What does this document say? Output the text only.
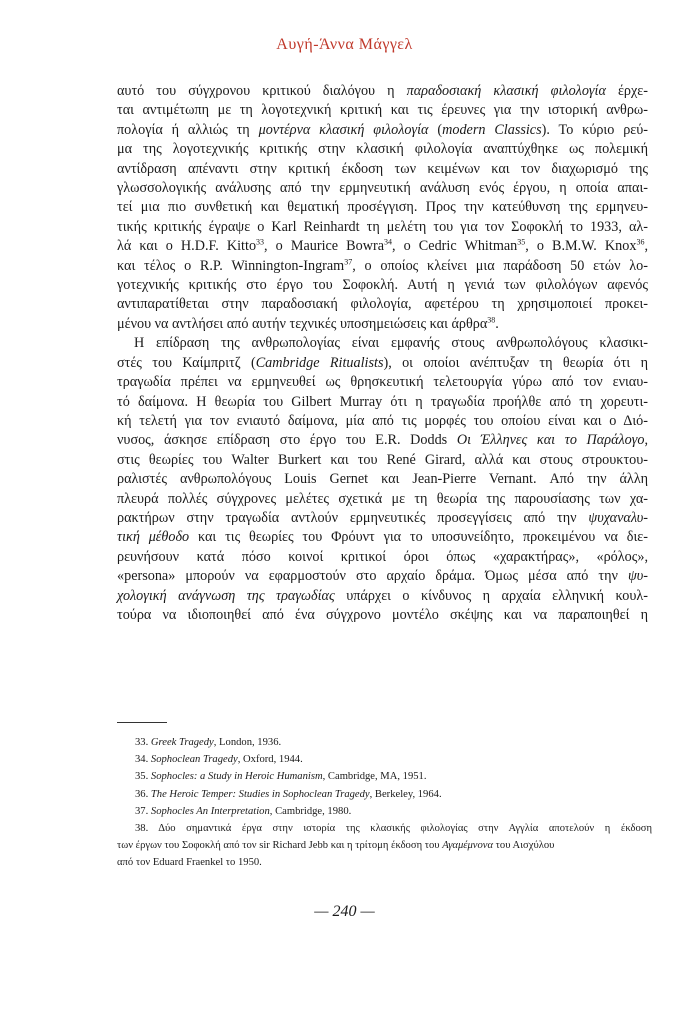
Αυγή-Άννα Μάγγελ

αυτό του σύγχρονου κριτικού διαλόγου η παραδοσιακή κλασική φιλολογία έρχε-
ται αντιμέτωπη με τη λογοτεχνική κριτική και τις έρευνες για την ιστορική ανθρω-
πολογία ή αλλιώς τη μοντέρνα κλασική φιλολογία (modern Classics). Το κύριο ρεύ-
μα της λογοτεχνικής κριτικής στην κλασική φιλολογία αναπτύχθηκε ως πολεμική
αντίδραση απέναντι στην κριτική έκδοση των κειμένων και τον διαχωρισμό της
γλωσσολογικής ανάλυσης από την ερμηνευτική ανάλυση ενός έργου, η οποία απαι-
τεί μια πιο συνθετική και θεματική προσέγγιση. Προς την κατεύθυνση της ερμηνευ-
τικής κριτικής έγραψε ο Karl Reinhardt τη μελέτη του για τον Σοφοκλή το 1933, αλ-
λά και ο H.D.F. Kitto$^{33}$, ο Maurice Bowra$^{34}$, ο Cedric Whitman$^{35}$, ο B.M.W. Knox$^{36}$,
και τέλος ο R.P. Winnington-Ingram$^{37}$, ο οποίος κλείνει μια παράδοση 50 ετών λο-
γοτεχνικής κριτικής στο έργο του Σοφοκλή. Αυτή η γενιά των φιλολόγων αφενός
αντιπαρατίθεται στην παραδοσιακή φιλολογία, αφετέρου τη χρησιμοποιεί προκει-
μένου να αντλήσει από αυτήν τεχνικές υποσημειώσεις και άρθρα$^{38}$.

Η επίδραση της ανθρωπολογίας είναι εμφανής στους ανθρωπολόγους κλασικι-
στές του Καίμπριτζ (Cambridge Ritualists), οι οποίοι ανέπτυξαν τη θεωρία ότι η
τραγωδία πρέπει να ερμηνευθεί ως θρησκευτική τελετουργία γύρω από τον ενιαυ-
τό δαίμονα. Η θεωρία του Gilbert Murray ότι η τραγωδία προήλθε από τη χορευτι-
κή τελετή για τον ενιαυτό δαίμονα, μία από τις μορφές του οποίου είναι και ο Διό-
νυσος, άσκησε επίδραση στο έργο του E.R. Dodds Οι Έλληνες και το Παράλογο,
στις θεωρίες του Walter Burkert και του René Girard, αλλά και στους στρουκτου-
ραλιστές ανθρωπολόγους Louis Gernet και Jean-Pierre Vernant. Από την άλλη
πλευρά πολλές σύγχρονες μελέτες σχετικά με τη θεωρία της παρουσίασης των χα-
ρακτήρων στην τραγωδία αντλούν ερμηνευτικές προσεγγίσεις από την ψυχαναλυ-
τική μέθοδο και τις θεωρίες του Φρόυντ για το υποσυνείδητο, προκειμένου να διε-
ρευνήσουν κατά πόσο κοινοί κριτικοί όροι όπως «χαρακτήρας», «ρόλος»,
«persona» μπορούν να εφαρμοστούν στο αρχαίο δράμα. Όμως μέσα από την ψυ-
χολογική ανάγνωση της τραγωδίας υπάρχει ο κίνδυνος η αρχαία ελληνική κουλ-
τούρα να ιδιοποιηθεί από ένα σύγχρονο μοντέλο σκέψης και να παραποιηθεί η

33. Greek Tragedy, London, 1936.

34. Sophoclean Tragedy, Oxford, 1944.

35. Sophocles: a Study in Heroic Humanism, Cambridge, MA, 1951.

36. The Heroic Temper: Studies in Sophoclean Tragedy, Berkeley, 1964.

37. Sophocles An Interpretation, Cambridge, 1980.

38. Δύο σημαντικά έργα στην ιστορία της κλασικής φιλολογίας στην Αγγλία αποτελούν η έκδοση
των έργων του Σοφοκλή από τον sir Richard Jebb και η τρίτομη έκδοση του Αγαμέμνονα του Αισχύλου
από τον Eduard Fraenkel το 1950.

— 240 —
